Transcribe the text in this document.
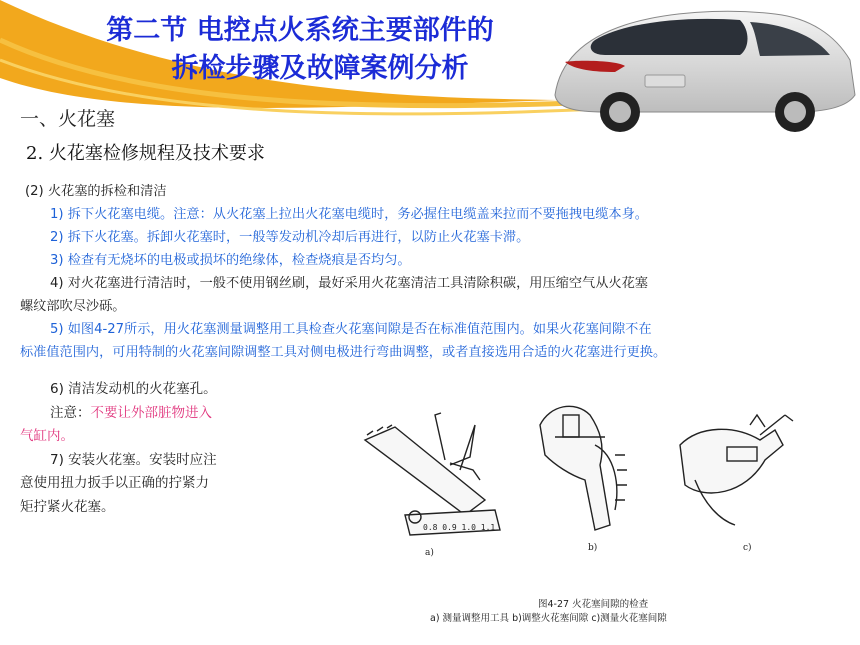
第二节 电控点火系统主要部件的
拆检步骤及故障案例分析
一、火花塞
2. 火花塞检修规程及技术要求

(2) 火花塞的拆检和清洁

1) 拆下火花塞电缆。注意：从火花塞上拉出火花塞电缆时，务必握住电缆盖来拉而不要拖拽电缆本身。

2) 拆下火花塞。拆卸火花塞时，一般等发动机冷却后再进行，以防止火花塞卡滞。

3) 检查有无烧坏的电极或损坏的绝缘体，检查烧痕是否均匀。

4) 对火花塞进行清洁时，一般不使用钢丝刷，最好采用火花塞清洁工具清除积碳，用压缩空气从火花塞

螺纹部吹尽沙砾。

5) 如图4-27所示，用火花塞测量调整用工具检查火花塞间隙是否在标准值范围内。如果火花塞间隙不在

标准值范围内，可用特制的火花塞间隙调整工具对侧电极进行弯曲调整，或者直接选用合适的火花塞进行更换。

6) 清洁发动机的火花塞孔。

注意：不要让外部脏物进入

气缸内。

7) 安装火花塞。安装时应注

意使用扭力扳手以正确的拧紧力

矩拧紧火花塞。

0.8 0.9 1.0 1.1
a)	b)	c)
图4-27 火花塞间隙的检查
a) 测量调整用工具 b)调整火花塞间隙 c)测量火花塞间隙
